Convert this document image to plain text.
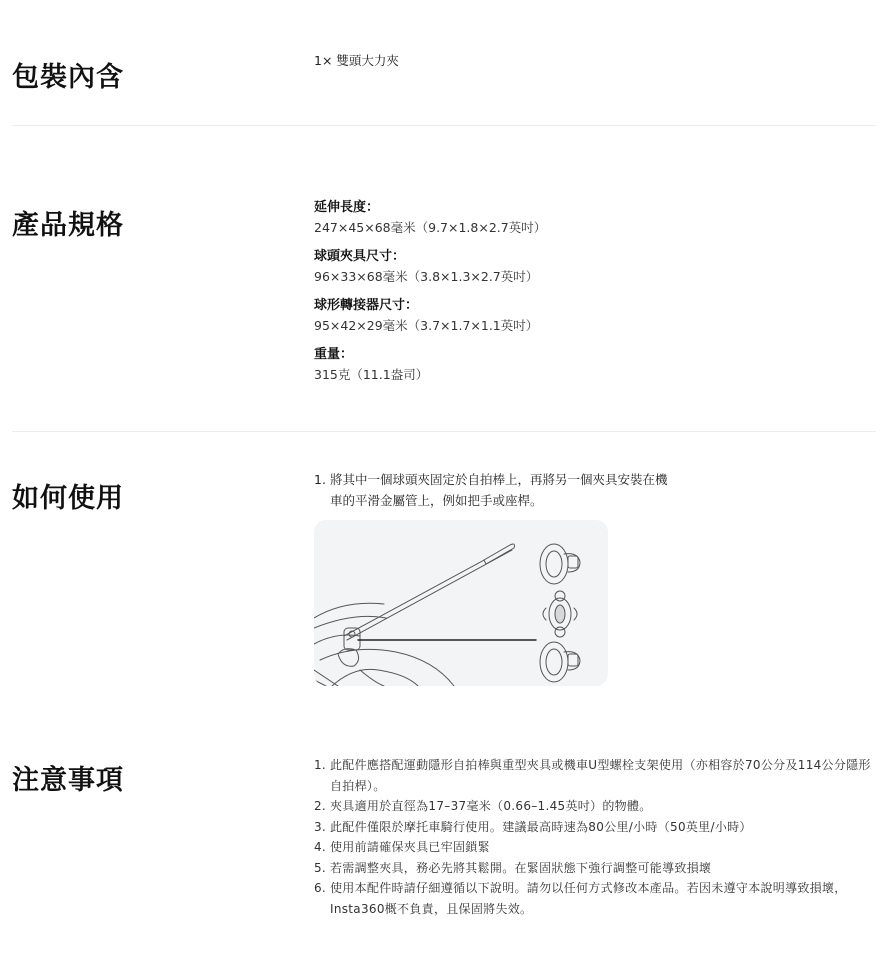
包裝內含
1× 雙頭大力夾
產品規格

延伸長度：

247×45×68毫米（9.7×1.8×2.7英吋）

球頭夾具尺寸：

96×33×68毫米（3.8×1.3×2.7英吋）

球形轉接器尺寸：

95×42×29毫米（3.7×1.7×1.1英吋）

重量：

315克（11.1盎司）

如何使用
1. 將其中一個球頭夾固定於自拍棒上，再將另一個夾具安裝在機
車的平滑金屬管上，例如把手或座桿。
注意事項	1. 此配件應搭配運動隱形自拍棒與重型夾具或機車U型螺栓支架使用（亦相容於70公分及114公分隱形自拍桿）。
2. 夾具適用於直徑為17–37毫米（0.66–1.45英吋）的物體。
3. 此配件僅限於摩托車騎行使用。建議最高時速為80公里/小時（50英里/小時）
4. 使用前請確保夾具已牢固鎖緊
5. 若需調整夾具，務必先將其鬆開。在緊固狀態下強行調整可能導致損壞
6. 使用本配件時請仔細遵循以下說明。請勿以任何方式修改本產品。若因未遵守本說明導致損壞，Insta360概不負責，且保固將失效。
